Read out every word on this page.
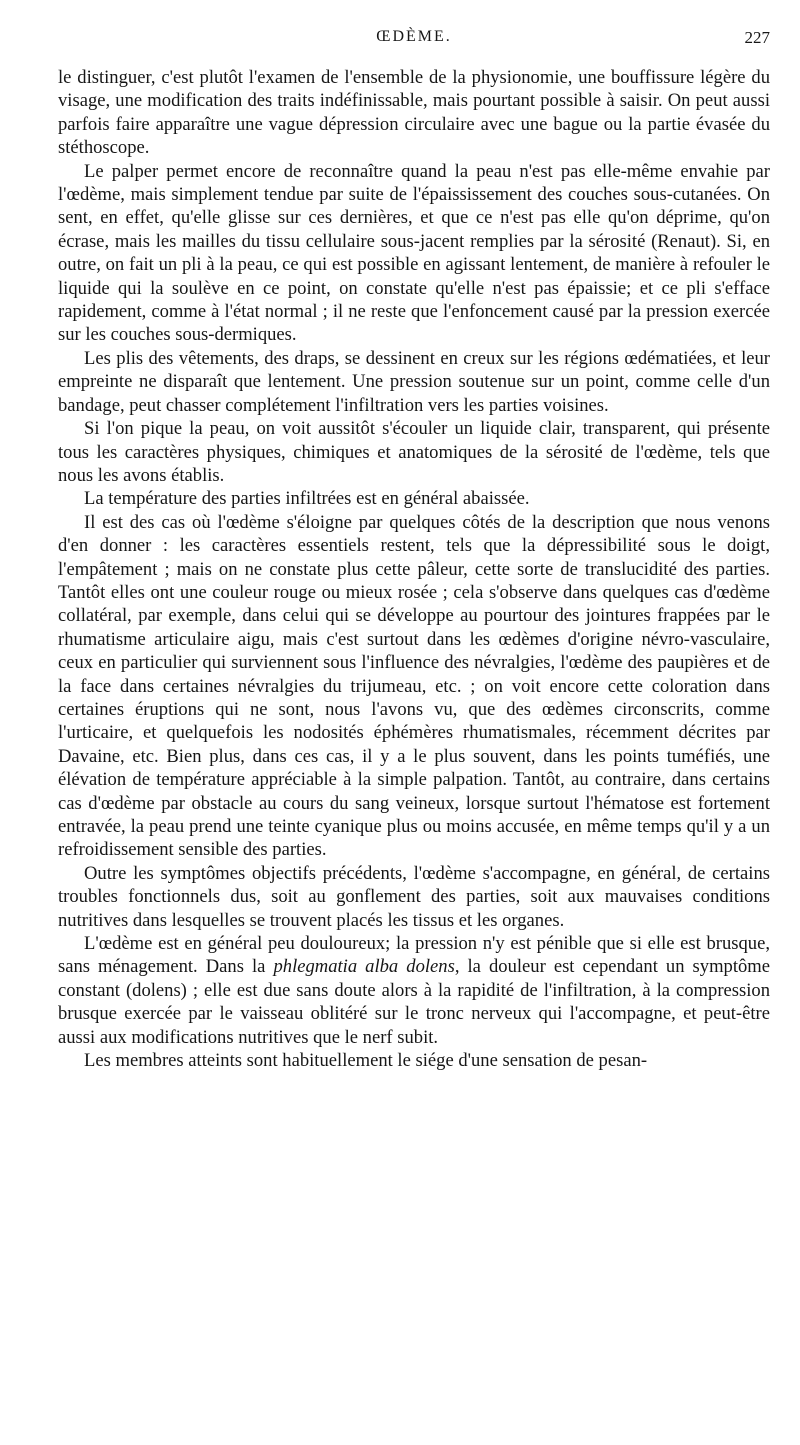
ŒDÈME.	227

le distinguer, c'est plutôt l'examen de l'ensemble de la physionomie, une bouffissure légère du visage, une modification des traits indéfinissable, mais pourtant possible à saisir. On peut aussi parfois faire apparaître une vague dépression circulaire avec une bague ou la partie évasée du stéthoscope.

Le palper permet encore de reconnaître quand la peau n'est pas elle-même envahie par l'œdème, mais simplement tendue par suite de l'épaississement des couches sous-cutanées. On sent, en effet, qu'elle glisse sur ces dernières, et que ce n'est pas elle qu'on déprime, qu'on écrase, mais les mailles du tissu cellulaire sous-jacent remplies par la sérosité (Renaut). Si, en outre, on fait un pli à la peau, ce qui est possible en agissant lentement, de manière à refouler le liquide qui la soulève en ce point, on constate qu'elle n'est pas épaissie; et ce pli s'efface rapidement, comme à l'état normal ; il ne reste que l'enfoncement causé par la pression exercée sur les couches sous-dermiques.

Les plis des vêtements, des draps, se dessinent en creux sur les régions œdématiées, et leur empreinte ne disparaît que lentement. Une pression soutenue sur un point, comme celle d'un bandage, peut chasser complétement l'infiltration vers les parties voisines.

Si l'on pique la peau, on voit aussitôt s'écouler un liquide clair, transparent, qui présente tous les caractères physiques, chimiques et anatomiques de la sérosité de l'œdème, tels que nous les avons établis.

La température des parties infiltrées est en général abaissée.

Il est des cas où l'œdème s'éloigne par quelques côtés de la description que nous venons d'en donner : les caractères essentiels restent, tels que la dépressibilité sous le doigt, l'empâtement ; mais on ne constate plus cette pâleur, cette sorte de translucidité des parties. Tantôt elles ont une couleur rouge ou mieux rosée ; cela s'observe dans quelques cas d'œdème collatéral, par exemple, dans celui qui se développe au pourtour des jointures frappées par le rhumatisme articulaire aigu, mais c'est surtout dans les œdèmes d'origine névro-vasculaire, ceux en particulier qui surviennent sous l'influence des névralgies, l'œdème des paupières et de la face dans certaines névralgies du trijumeau, etc. ; on voit encore cette coloration dans certaines éruptions qui ne sont, nous l'avons vu, que des œdèmes circonscrits, comme l'urticaire, et quelquefois les nodosités éphémères rhumatismales, récemment décrites par Davaine, etc. Bien plus, dans ces cas, il y a le plus souvent, dans les points tuméfiés, une élévation de température appréciable à la simple palpation. Tantôt, au contraire, dans certains cas d'œdème par obstacle au cours du sang veineux, lorsque surtout l'hématose est fortement entravée, la peau prend une teinte cyanique plus ou moins accusée, en même temps qu'il y a un refroidissement sensible des parties.

Outre les symptômes objectifs précédents, l'œdème s'accompagne, en général, de certains troubles fonctionnels dus, soit au gonflement des parties, soit aux mauvaises conditions nutritives dans lesquelles se trouvent placés les tissus et les organes.

L'œdème est en général peu douloureux; la pression n'y est pénible que si elle est brusque, sans ménagement. Dans la phlegmatia alba dolens, la douleur est cependant un symptôme constant (dolens) ; elle est due sans doute alors à la rapidité de l'infiltration, à la compression brusque exercée par le vaisseau oblitéré sur le tronc nerveux qui l'accompagne, et peut-être aussi aux modifications nutritives que le nerf subit.

Les membres atteints sont habituellement le siége d'une sensation de pesan-
